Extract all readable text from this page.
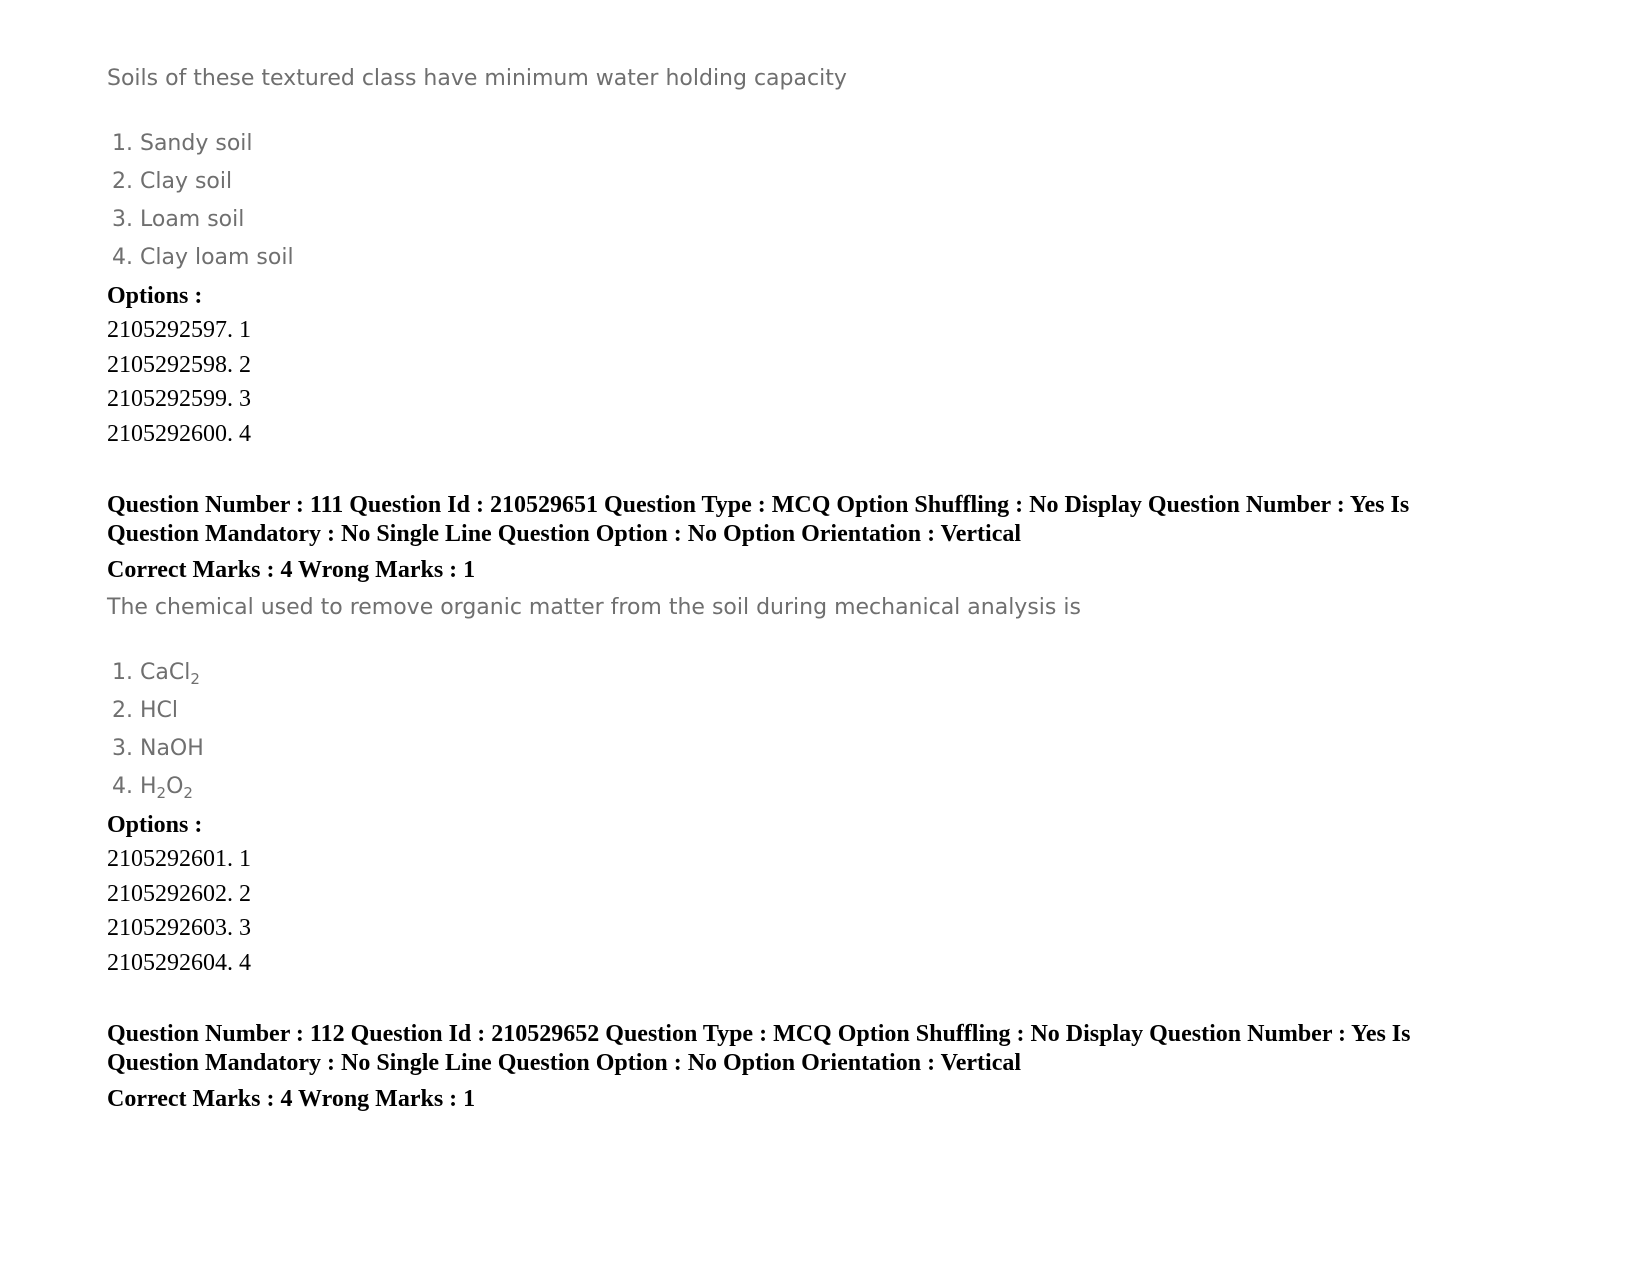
Soils of these textured class have minimum water holding capacity

1. Sandy soil
2. Clay soil
3. Loam soil
4. Clay loam soil
Options :
2105292597. 1
2105292598. 2
2105292599. 3
2105292600. 4
Question Number : 111 Question Id : 210529651 Question Type : MCQ Option Shuffling : No Display Question Number : Yes Is
Question Mandatory : No Single Line Question Option : No Option Orientation : Vertical
Correct Marks : 4 Wrong Marks : 1

The chemical used to remove organic matter from the soil during mechanical analysis is

1. CaCl$_2$
2. HCl
3. NaOH
4. $H_2O_2$
Options :
2105292601. 1
2105292602. 2
2105292603. 3
2105292604. 4
Question Number : 112 Question Id : 210529652 Question Type : MCQ Option Shuffling : No Display Question Number : Yes Is
Question Mandatory : No Single Line Question Option : No Option Orientation : Vertical
Correct Marks : 4 Wrong Marks : 1
